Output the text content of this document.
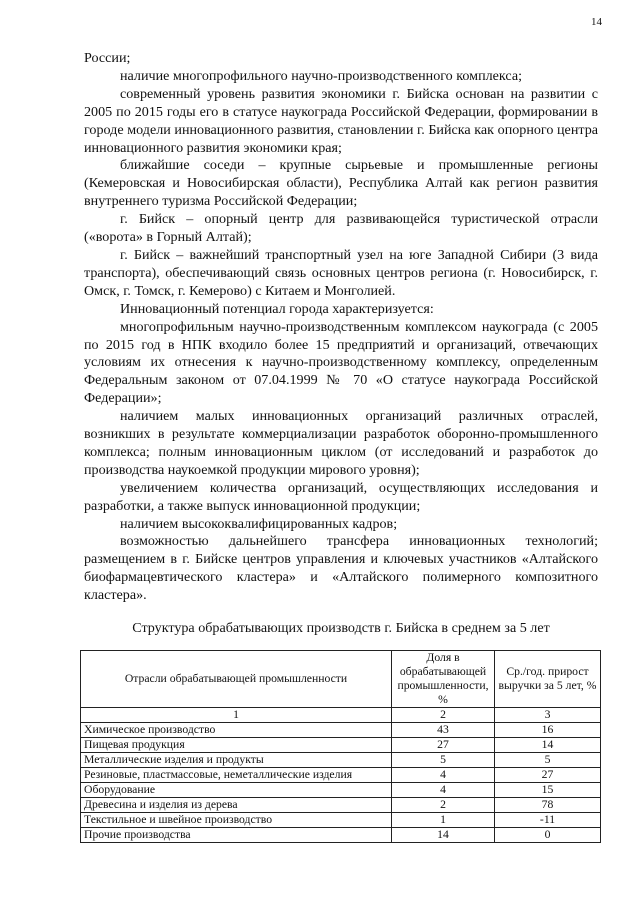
14

России;

наличие многопрофильного научно-производственного комплекса;

современный уровень развития экономики г. Бийска основан на развитии с 2005 по 2015 годы его в статусе наукограда Российской Федерации, формировании в городе модели инновационного развития, становлении г. Бийска как опорного центра инновационного развития экономики края;

ближайшие соседи – крупные сырьевые и промышленные регионы (Кемеровская и Новосибирская области), Республика Алтай как регион развития внутреннего туризма Российской Федерации;

г. Бийск – опорный центр для развивающейся туристической отрасли («ворота» в Горный Алтай);

г. Бийск – важнейший транспортный узел на юге Западной Сибири (3 вида транспорта), обеспечивающий связь основных центров региона (г. Новосибирск, г. Омск, г. Томск, г. Кемерово) с Китаем и Монголией.

Инновационный потенциал города характеризуется:

многопрофильным научно-производственным комплексом наукограда (с 2005 по 2015 год в НПК входило более 15 предприятий и организаций, отвечающих условиям их отнесения к научно-производственному комплексу, определенным Федеральным законом от 07.04.1999 № 70 «О статусе наукограда Российской Федерации»;

наличием малых инновационных организаций различных отраслей, возникших в результате коммерциализации разработок оборонно-промышленного комплекса; полным инновационным циклом (от исследований и разработок до производства наукоемкой продукции мирового уровня);

увеличением количества организаций, осуществляющих исследования и разработки, а также выпуск инновационной продукции;

наличием высококвалифицированных кадров;

возможностью дальнейшего трансфера инновационных технологий; размещением в г. Бийске центров управления и ключевых участников «Алтайского биофармацевтического кластера» и «Алтайского полимерного композитного кластера».

Структура обрабатывающих производств г. Бийска в среднем за 5 лет
Отрасли обрабатывающей промышленности	Доля в обрабатывающей промышленности, %	Ср./год. прирост выручки за 5 лет, %
1	2	3
Химическое производство	43	16
Пищевая продукция	27	14
Металлические изделия и продукты	5	5
Резиновые, пластмассовые, неметаллические изделия	4	27
Оборудование	4	15
Древесина и изделия из дерева	2	78
Текстильное и швейное производство	1	-11
Прочие производства	14	0
